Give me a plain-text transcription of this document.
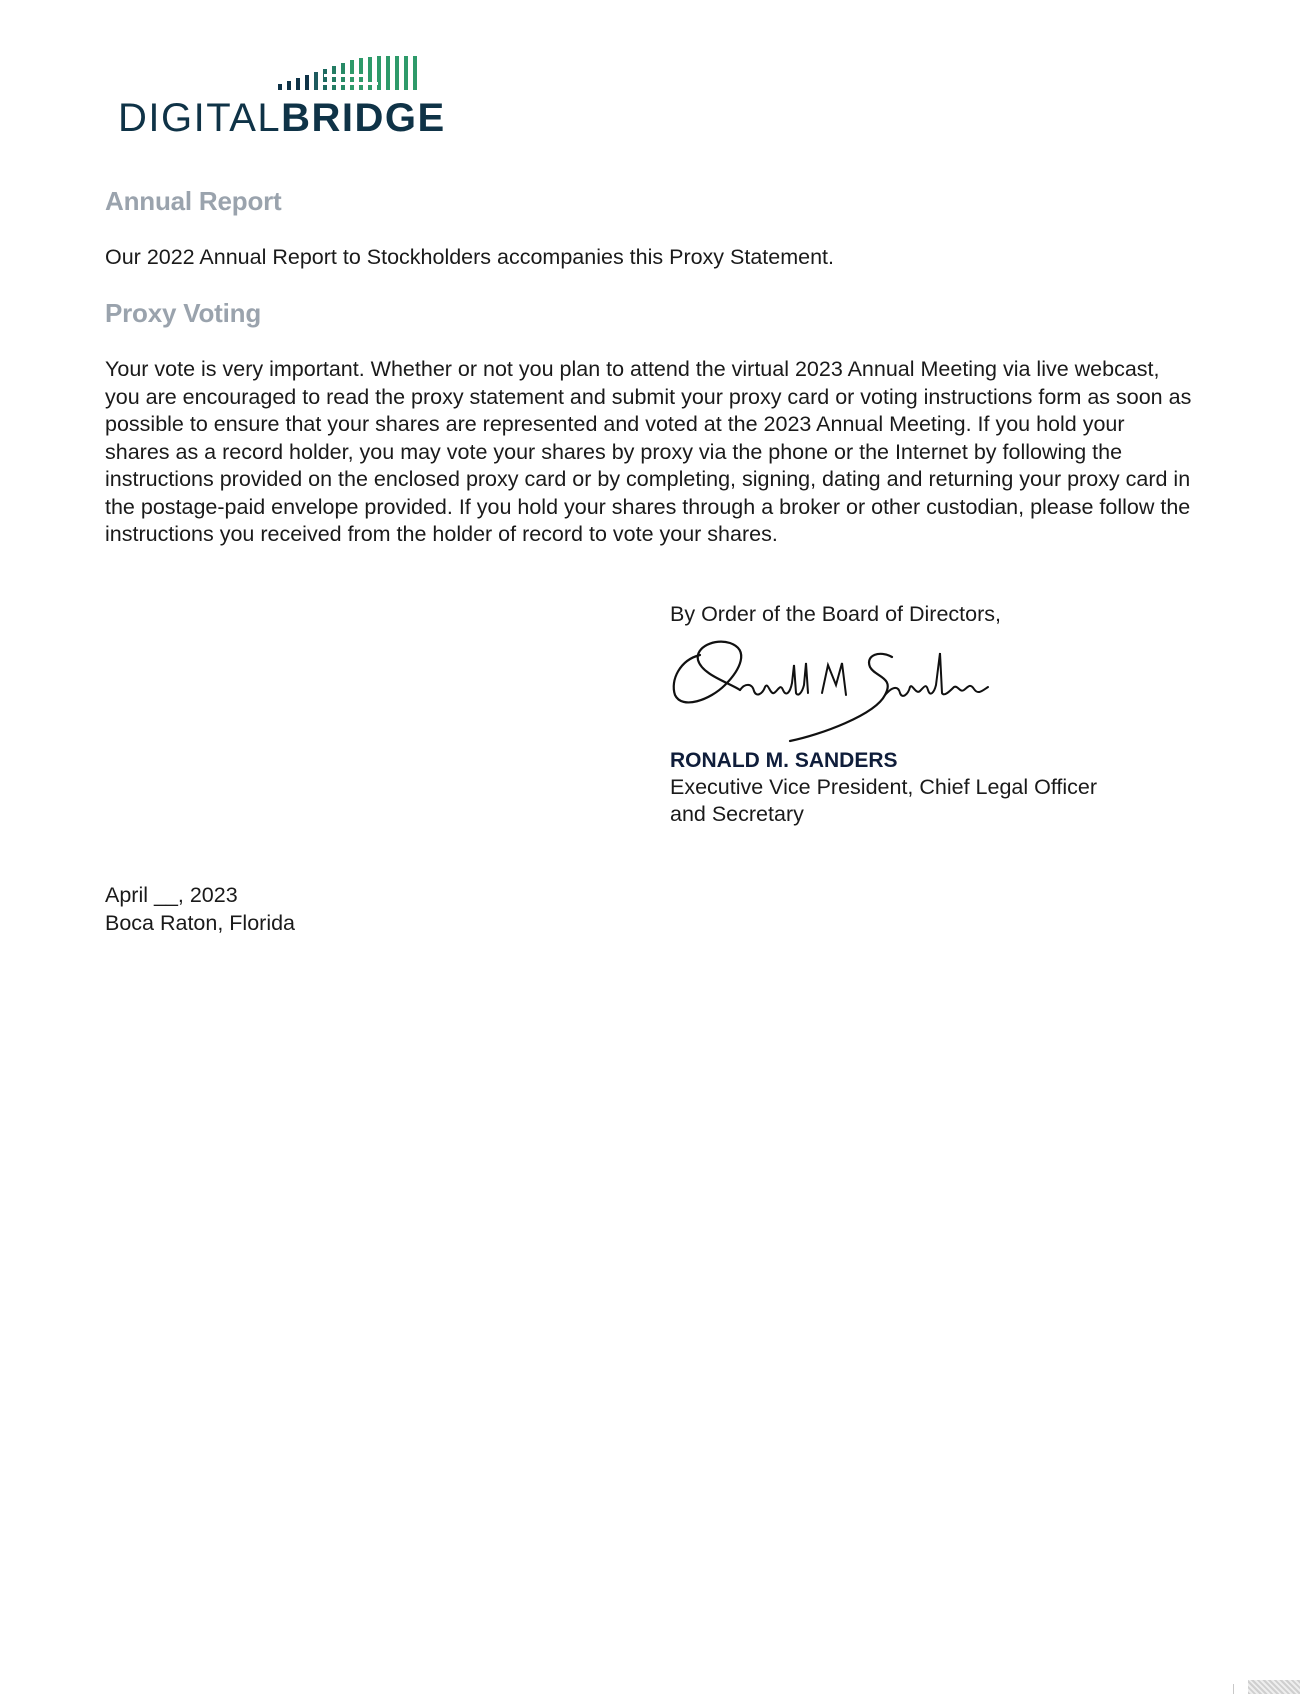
DIGITALBRIDGE
Annual Report

Our 2022 Annual Report to Stockholders accompanies this Proxy Statement.

Proxy Voting

Your vote is very important. Whether or not you plan to attend the virtual 2023 Annual Meeting via live webcast, you are encouraged to read the proxy statement and submit your proxy card or voting instructions form as soon as possible to ensure that your shares are represented and voted at the 2023 Annual Meeting. If you hold your shares as a record holder, you may vote your shares by proxy via the phone or the Internet by following the instructions provided on the enclosed proxy card or by completing, signing, dating and returning your proxy card in the postage-paid envelope provided. If you hold your shares through a broker or other custodian, please follow the instructions you received from the holder of record to vote your shares.

By Order of the Board of Directors,

RONALD M. SANDERS

Executive Vice President, Chief Legal Officer and Secretary

April __, 2023

Boca Raton, Florida
